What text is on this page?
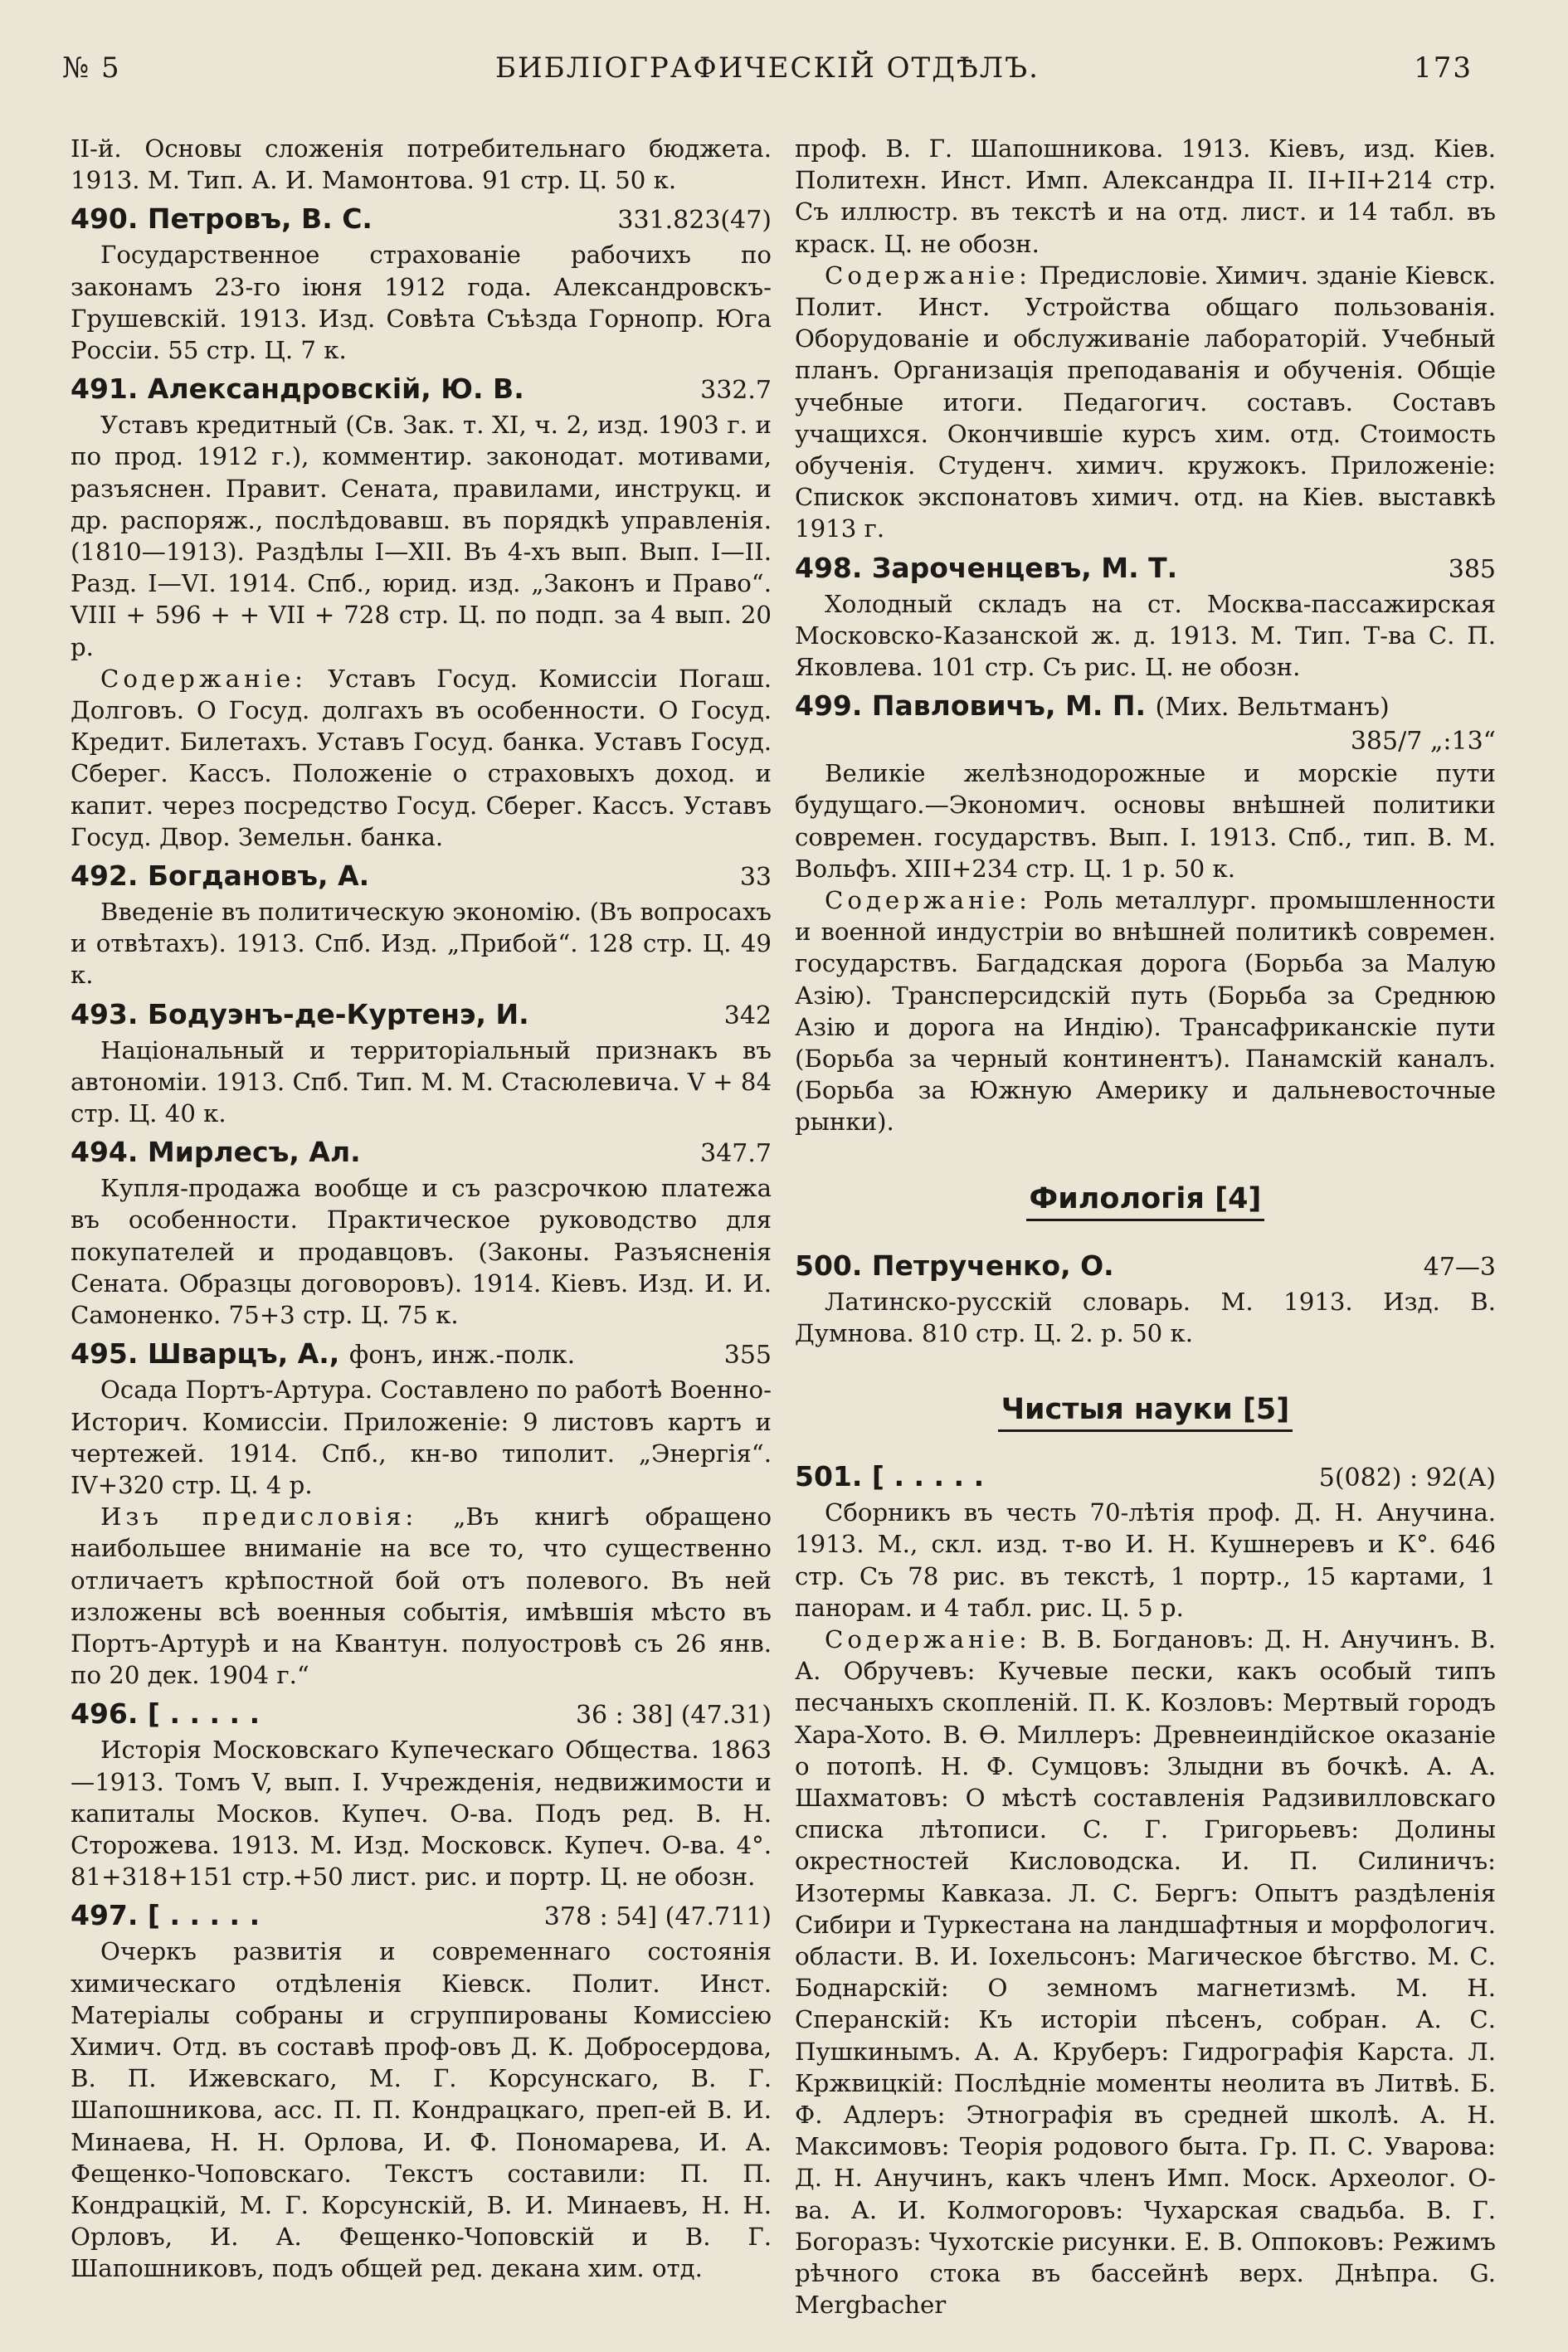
№ 5	БИБЛIОГРАФИЧЕСКIЙ ОТДѢЛЪ.	173

II-й. Основы сложенія потребительнаго бюджета. 1913. М. Тип. А. И. Мамонтова. 91 стр. Ц. 50 к.

490. Петровъ, В. С.	331.823(47)

Государственное страхованіе рабочихъ по законамъ 23-го іюня 1912 года. Александровскъ-Грушевскій. 1913. Изд. Совѣта Съѣзда Горнопр. Юга Россіи. 55 стр. Ц. 7 к.

491. Александровскій, Ю. В.	332.7

Уставъ кредитный (Св. Зак. т. XI, ч. 2, изд. 1903 г. и по прод. 1912 г.), комментир. законодат. мотивами, разъяснен. Правит. Сената, правилами, инструкц. и др. распоряж., послѣдовавш. въ порядкѣ управленія. (1810—1913). Раздѣлы I—XII. Въ 4-хъ вып. Вып. I—II. Разд. I—VI. 1914. Спб., юрид. изд. „Законъ и Право“. VIII + 596 + + VII + 728 стр. Ц. по подп. за 4 вып. 20 р.

Содержаніе: Уставъ Госуд. Комиссіи Погаш. Долговъ. О Госуд. долгахъ въ особенности. О Госуд. Кредит. Билетахъ. Уставъ Госуд. банка. Уставъ Госуд. Сберег. Кассъ. Положеніе о страховыхъ доход. и капит. через посредство Госуд. Сберег. Кассъ. Уставъ Госуд. Двор. Земельн. банка.

492. Богдановъ, А.	33

Введеніе въ политическую экономію. (Въ вопросахъ и отвѣтахъ). 1913. Спб. Изд. „Прибой“. 128 стр. Ц. 49 к.

493. Бодуэнъ-де-Куртенэ, И.	342

Національный и территоріальный признакъ въ автономіи. 1913. Спб. Тип. М. М. Стасюлевича. V + 84 стр. Ц. 40 к.

494. Мирлесъ, Ал.	347.7

Купля-продажа вообще и съ разсрочкою платежа въ особенности. Практическое руководство для покупателей и продавцовъ. (Законы. Разъясненія Сената. Образцы договоровъ). 1914. Кіевъ. Изд. И. И. Самоненко. 75+3 стр. Ц. 75 к.

495. Шварцъ, А., фонъ, инж.-полк.	355

Осада Портъ-Артура. Составлено по работѣ Военно-Историч. Комиссіи. Приложеніе: 9 листовъ картъ и чертежей. 1914. Спб., кн-во типолит. „Энергія“. IV+320 стр. Ц. 4 р.

Изъ предисловія: „Въ книгѣ обращено наибольшее вниманіе на все то, что существенно отличаетъ крѣпостной бой отъ полевого. Въ ней изложены всѣ военныя событія, имѣвшія мѣсто въ Портъ-Артурѣ и на Квантун. полуостровѣ съ 26 янв. по 20 дек. 1904 г.“

496. [ . . . . .	36 : 38] (47.31)

Исторія Московскаго Купеческаго Общества. 1863—1913. Томъ V, вып. I. Учрежденія, недвижимости и капиталы Москов. Купеч. О-ва. Подъ ред. В. Н. Сторожева. 1913. М. Изд. Московск. Купеч. О-ва. 4°. 81+318+151 стр.+50 лист. рис. и портр. Ц. не обозн.

497. [ . . . . .	378 : 54] (47.711)

Очеркъ развитія и современнаго состоянія химическаго отдѣленія Кіевск. Полит. Инст. Матеріалы собраны и сгруппированы Комиссіею Химич. Отд. въ составѣ проф-овъ Д. К. Добросердова, В. П. Ижевскаго, М. Г. Корсунскаго, В. Г. Шапошникова, асс. П. П. Кондрацкаго, преп-ей В. И. Минаева, Н. Н. Орлова, И. Ф. Пономарева, И. А. Фещенко-Чоповскаго. Текстъ составили: П. П. Кондрацкій, М. Г. Корсунскій, В. И. Минаевъ, Н. Н. Орловъ, И. А. Фещенко-Чоповскій и В. Г. Шапошниковъ, подъ общей ред. декана хим. отд.

проф. В. Г. Шапошникова. 1913. Кіевъ, изд. Кіев. Политехн. Инст. Имп. Александра II. II+II+214 стр. Съ иллюстр. въ текстѣ и на отд. лист. и 14 табл. въ краск. Ц. не обозн.

Содержаніе: Предисловіе. Химич. зданіе Кіевск. Полит. Инст. Устройства общаго пользованія. Оборудованіе и обслуживаніе лабораторій. Учебный планъ. Организація преподаванія и обученія. Общіе учебные итоги. Педагогич. составъ. Составъ учащихся. Окончившіе курсъ хим. отд. Стоимость обученія. Студенч. химич. кружокъ. Приложеніе: Спискок экспонатовъ химич. отд. на Кіев. выставкѣ 1913 г.

498. Зароченцевъ, М. Т.	385

Холодный складъ на ст. Москва-пассажирская Московско-Казанской ж. д. 1913. М. Тип. Т-ва С. П. Яковлева. 101 стр. Съ рис. Ц. не обозн.

499. Павловичъ, М. П. (Мих. Вельтманъ)
385/7 „:13“

Великіе желѣзнодорожные и морскіе пути будущаго.—Экономич. основы внѣшней политики современ. государствъ. Вып. I. 1913. Спб., тип. В. М. Вольфъ. XIII+234 стр. Ц. 1 р. 50 к.

Содержаніе: Роль металлург. промышленности и военной индустріи во внѣшней политикѣ современ. государствъ. Багдадская дорога (Борьба за Малую Азію). Трансперсидскій путь (Борьба за Среднюю Азію и дорога на Индію). Трансафриканскіе пути (Борьба за черный континентъ). Панамскій каналъ. (Борьба за Южную Америку и дальневосточные рынки).

Филологія [4]
500. Петрученко, О.	47—3

Латинско-русскій словарь. М. 1913. Изд. В. Думнова. 810 стр. Ц. 2. р. 50 к.

Чистыя науки [5]
501. [ . . . . .	5(082) : 92(А)

Сборникъ въ честь 70-лѣтія проф. Д. Н. Анучина. 1913. М., скл. изд. т-во И. Н. Кушнеревъ и К°. 646 стр. Съ 78 рис. въ текстѣ, 1 портр., 15 картами, 1 панорам. и 4 табл. рис. Ц. 5 р.

Содержаніе: В. В. Богдановъ: Д. Н. Анучинъ. В. А. Обручевъ: Кучевые пески, какъ особый типъ песчаныхъ скопленій. П. К. Козловъ: Мертвый городъ Хара-Хото. В. Ѳ. Миллеръ: Древнеиндійское оказаніе о потопѣ. Н. Ф. Сумцовъ: Злыдни въ бочкѣ. А. А. Шахматовъ: О мѣстѣ составленія Радзивилловскаго списка лѣтописи. С. Г. Григорьевъ: Долины окрестностей Кисловодска. И. П. Силиничъ: Изотермы Кавказа. Л. С. Бергъ: Опытъ раздѣленія Сибири и Туркестана на ландшафтныя и морфологич. области. В. И. Іохельсонъ: Магическое бѣгство. М. С. Боднарскій: О земномъ магнетизмѣ. М. Н. Сперанскій: Къ исторіи пѣсенъ, собран. А. С. Пушкинымъ. А. А. Круберъ: Гидрографія Карста. Л. Кржвицкій: Послѣдніе моменты неолита въ Литвѣ. Б. Ф. Адлеръ: Этнографія въ средней школѣ. А. Н. Максимовъ: Теорія родового быта. Гр. П. С. Уварова: Д. Н. Анучинъ, какъ членъ Имп. Моск. Археолог. О-ва. А. И. Колмогоровъ: Чухарская свадьба. В. Г. Богоразъ: Чухотскіе рисунки. Е. В. Оппоковъ: Режимъ рѣчного стока въ бассейнѣ верх. Днѣпра. G. Mergbacher
